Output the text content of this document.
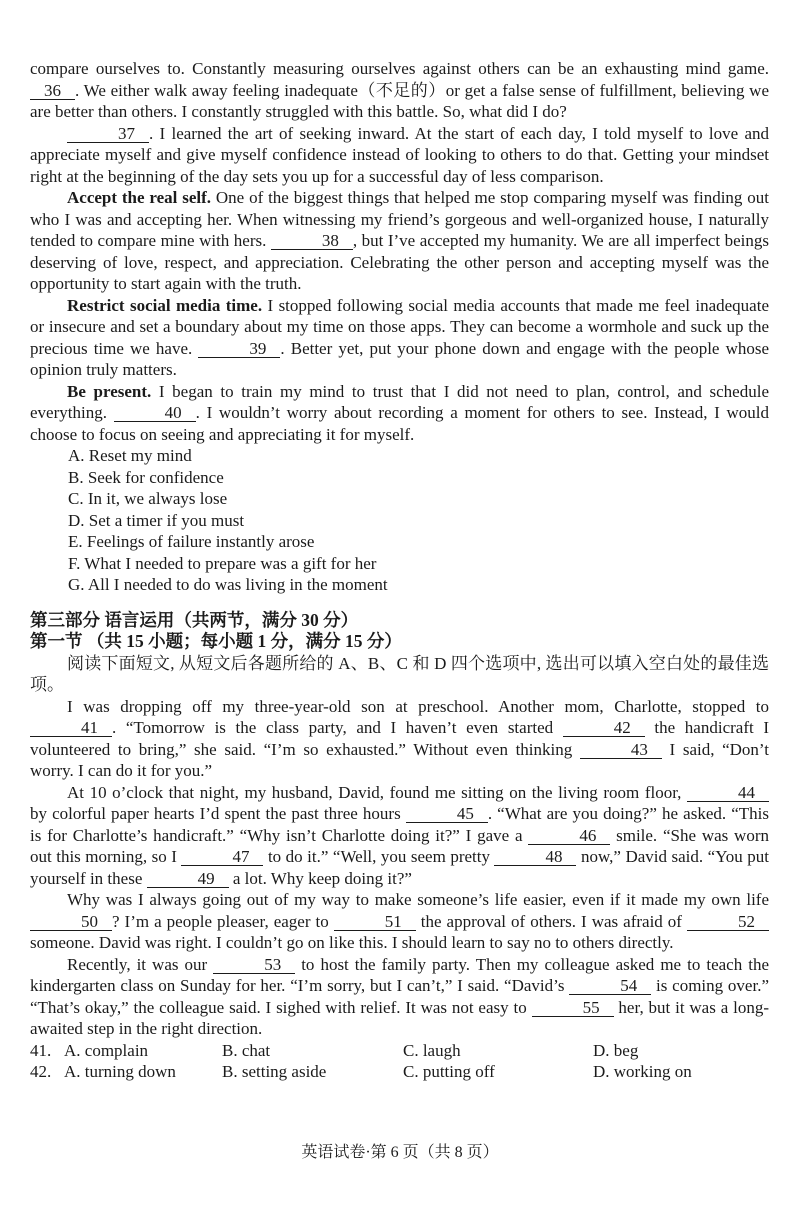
compare ourselves to. Constantly measuring ourselves against others can be an exhausting mind game. 36 . We either walk away feeling inadequate（不足的）or get a false sense of fulfillment, believing we are better than others. I constantly struggled with this battle. So, what did I do?

37 . I learned the art of seeking inward. At the start of each day, I told myself to love and appreciate myself and give myself confidence instead of looking to others to do that. Getting your mindset right at the beginning of the day sets you up for a successful day of less comparison.

Accept the real self. One of the biggest things that helped me stop comparing myself was finding out who I was and accepting her. When witnessing my friend’s gorgeous and well-organized house, I naturally tended to compare mine with hers.	38 , but I’ve accepted my humanity. We are all imperfect beings deserving of love, respect, and appreciation. Celebrating the other person and accepting myself was the opportunity to start again with the truth.

Restrict social media time. I stopped following social media accounts that made me feel inadequate or insecure and set a boundary about my time on those apps. They can become a wormhole and suck up the precious time we have.	39 . Better yet, put your phone down and engage with the people whose opinion truly matters.

Be present. I began to train my mind to trust that I did not need to plan, control, and schedule everything.	40 . I wouldn’t worry about recording a moment for others to see. Instead, I would choose to focus on seeing and appreciating it for myself.

A. Reset my mind

B. Seek for confidence

C. In it, we always lose

D. Set a timer if you must

E. Feelings of failure instantly arose

F. What I needed to prepare was a gift for her

G. All I needed to do was living in the moment

第三部分 语言运用（共两节，满分 30 分）

第一节 （共 15 小题；每小题 1 分，满分 15 分）

阅读下面短文, 从短文后各题所给的 A、B、C 和 D 四个选项中, 选出可以填入空白处的最佳选项。

I was dropping off my three-year-old son at preschool. Another mom, Charlotte, stopped to 41 . “Tomorrow is the class party, and I haven’t even started	42 the handicraft I volunteered to bring,” she said. “I’m so exhausted.” Without even thinking	43 I said, “Don’t worry. I can do it for you.”

At 10 o’clock that night, my husband, David, found me sitting on the living room floor,	44 by colorful paper hearts I’d spent the past three hours	45 . “What are you doing?” he asked. “This is for Charlotte’s handicraft.” “Why isn’t Charlotte doing it?” I gave a	46 smile. “She was worn out this morning, so I	47 to do it.” “Well, you seem pretty	48 now,” David said. “You put yourself in these	49 a lot. Why keep doing it?”

Why was I always going out of my way to make someone’s life easier, even if it made my own life 50 ? I’m a people pleaser, eager to	51 the approval of others. I was afraid of	52 someone. David was right. I couldn’t go on like this. I should learn to say no to others directly.

Recently, it was our	53 to host the family party. Then my colleague asked me to teach the kindergarten class on Sunday for her. “I’m sorry, but I can’t,” I said. “David’s	54 is coming over.” “That’s okay,” the colleague said. I sighed with relief. It was not easy to	55 her, but it was a long-awaited step in the right direction.

41. A. complain	B. chat	C. laugh	D. beg
42. A. turning down	B. setting aside	C. putting off	D. working on
英语试卷·第 6 页（共 8 页）
